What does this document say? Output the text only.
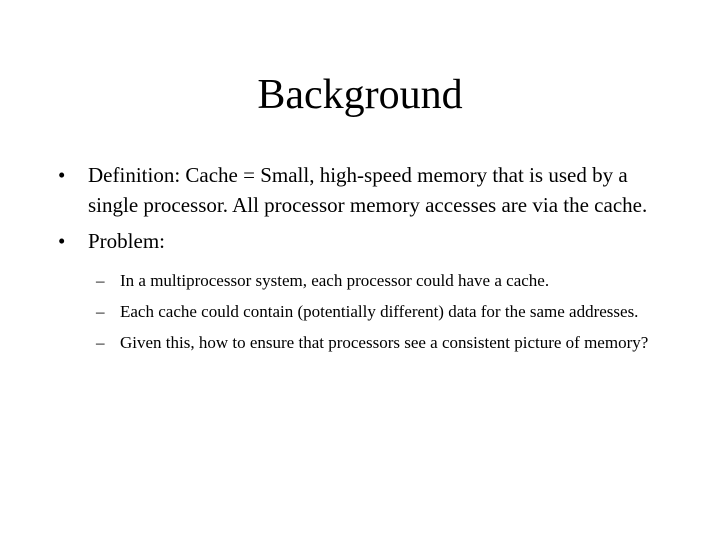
Background
• Definition: Cache = Small, high-speed memory that is used by a single processor. All processor memory accesses are via the cache.
• Problem:
– In a multiprocessor system, each processor could have a cache.
– Each cache could contain (potentially different) data for the same addresses.
– Given this, how to ensure that processors see a consistent picture of memory?
